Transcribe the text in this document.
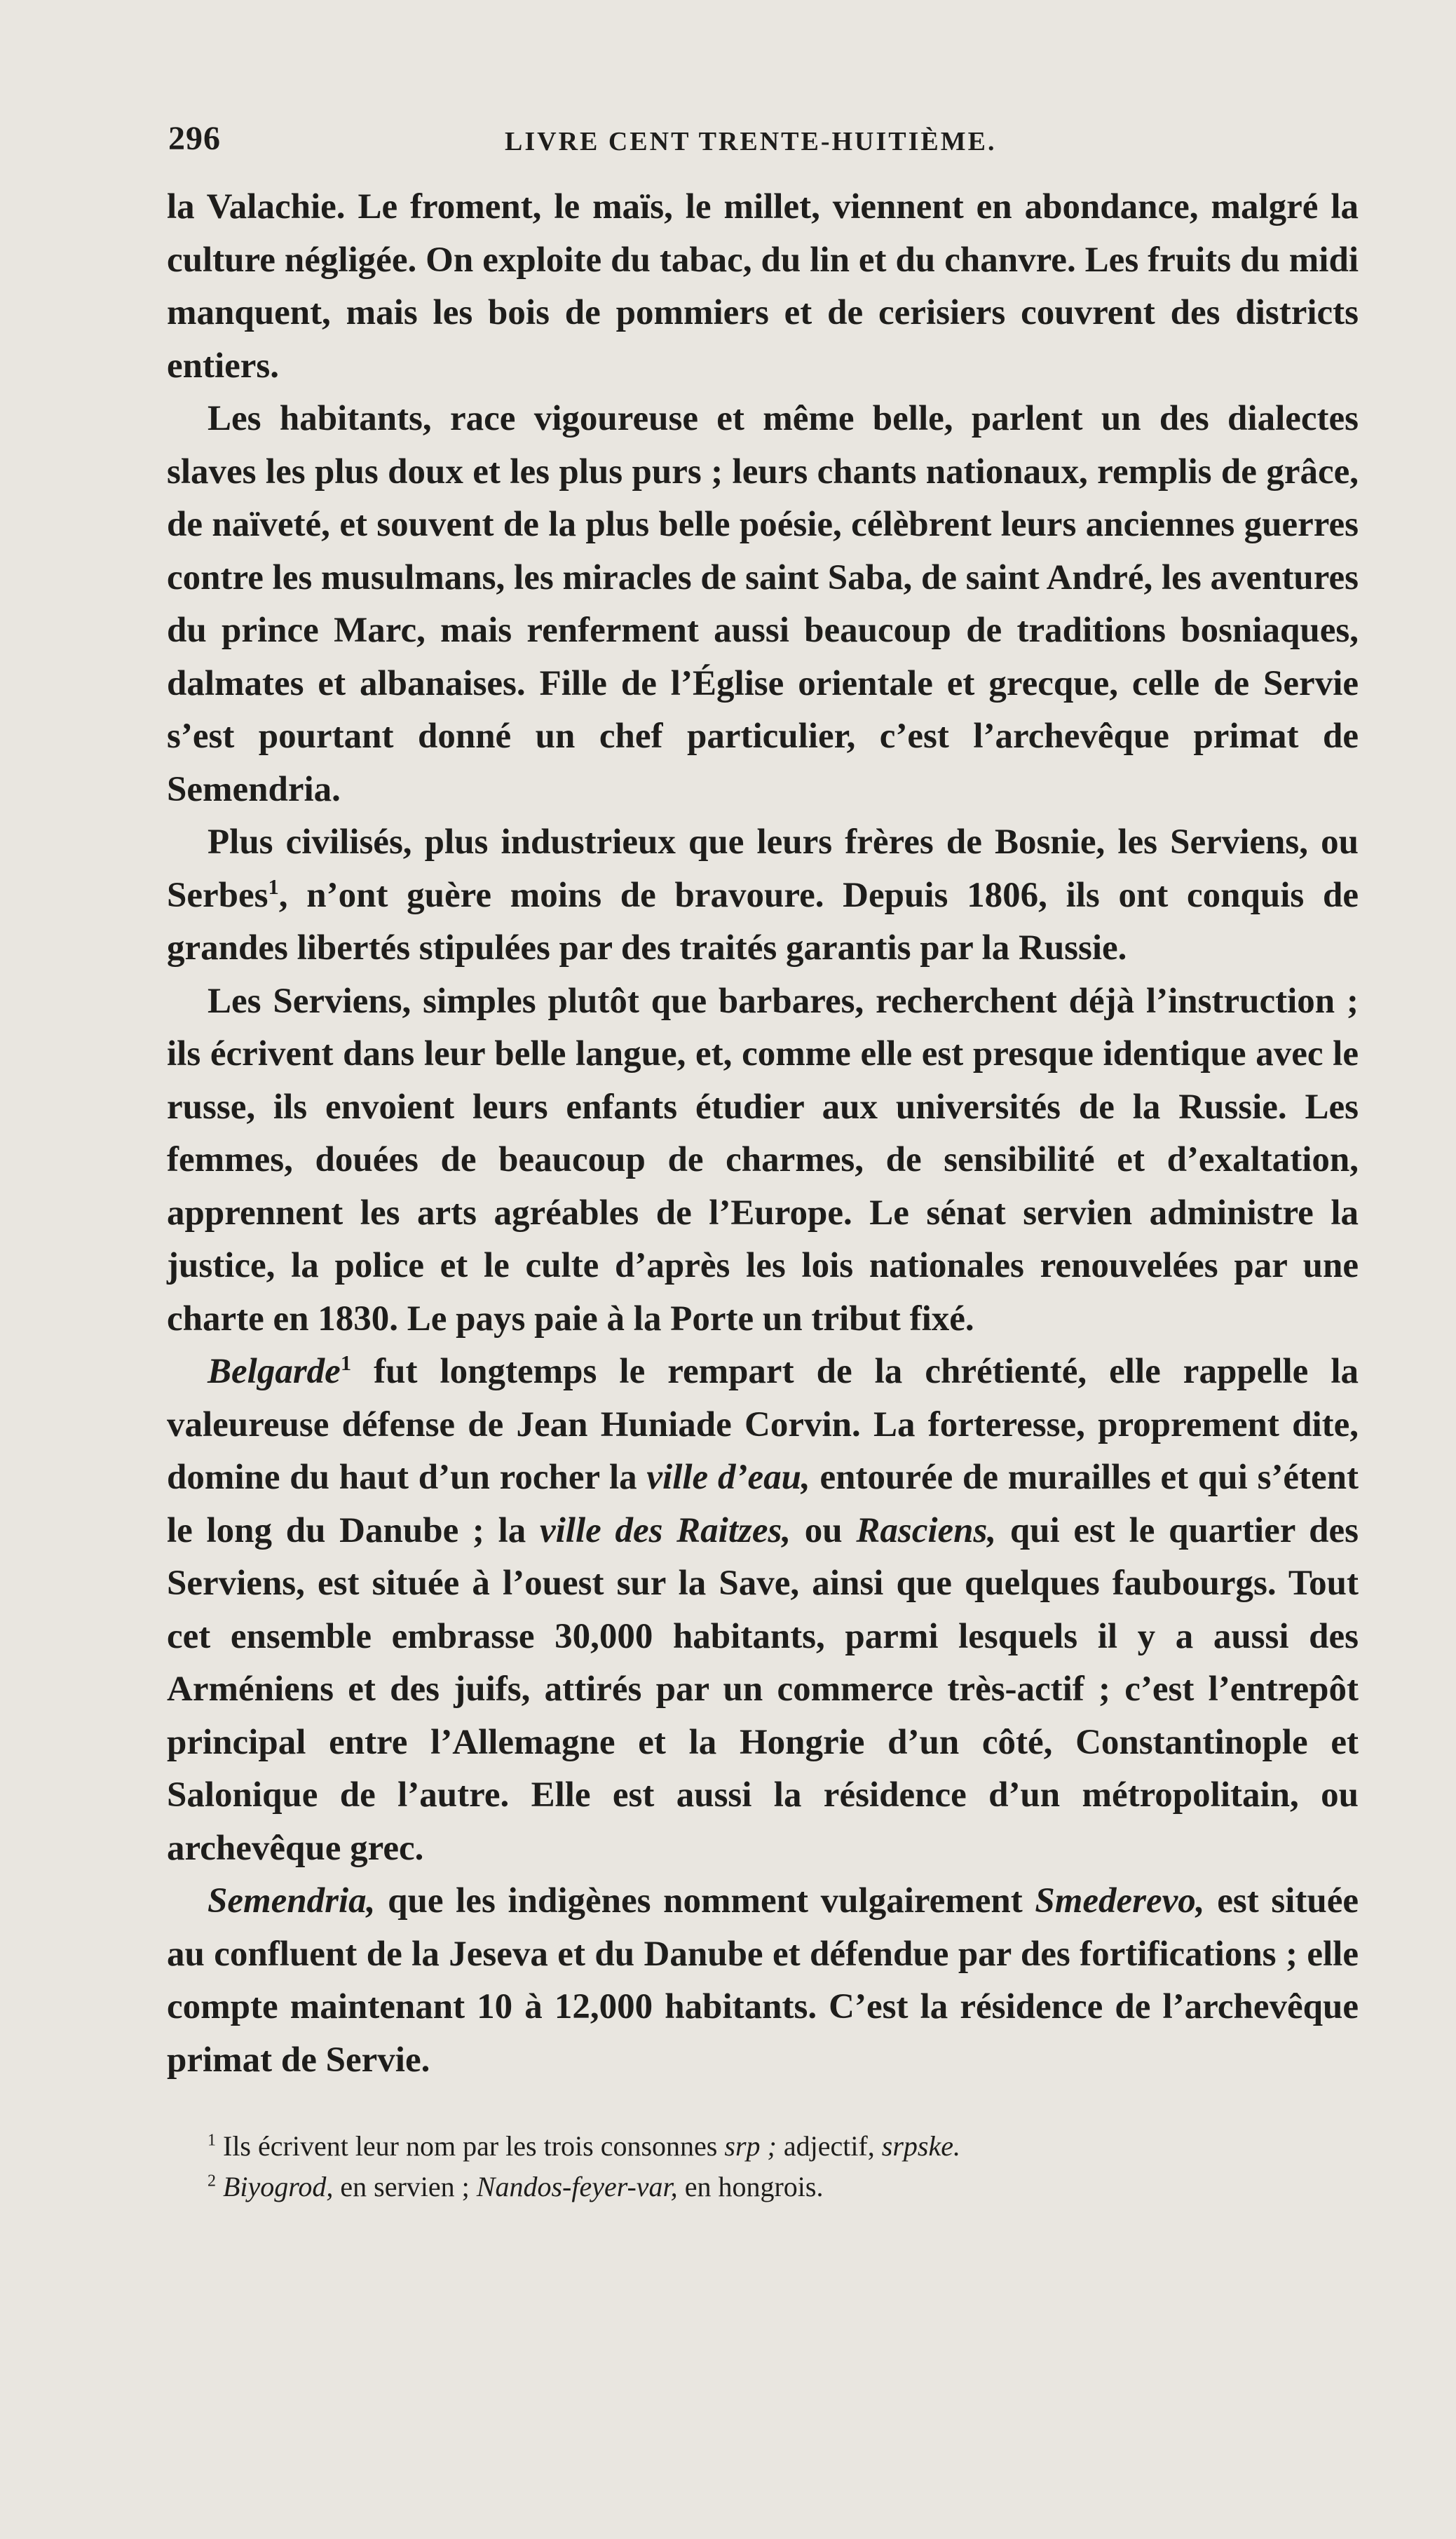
296	LIVRE CENT TRENTE-HUITIÈME.

la Valachie. Le froment, le maïs, le millet, viennent en abondance, malgré la culture négligée. On exploite du tabac, du lin et du chanvre. Les fruits du midi manquent, mais les bois de pommiers et de cerisiers couvrent des districts entiers.

Les habitants, race vigoureuse et même belle, parlent un des dialectes slaves les plus doux et les plus purs ; leurs chants nationaux, remplis de grâce, de naïveté, et souvent de la plus belle poésie, célèbrent leurs anciennes guerres contre les musulmans, les miracles de saint Saba, de saint André, les aventures du prince Marc, mais renferment aussi beaucoup de traditions bosniaques, dalmates et albanaises. Fille de l’Église orientale et grecque, celle de Servie s’est pourtant donné un chef particulier, c’est l’archevêque primat de Semendria.

Plus civilisés, plus industrieux que leurs frères de Bosnie, les Serviens, ou Serbes$^1$, n’ont guère moins de bravoure. Depuis 1806, ils ont conquis de grandes libertés stipulées par des traités garantis par la Russie.

Les Serviens, simples plutôt que barbares, recherchent déjà l’instruction ; ils écrivent dans leur belle langue, et, comme elle est presque identique avec le russe, ils envoient leurs enfants étudier aux universités de la Russie. Les femmes, douées de beaucoup de charmes, de sensibilité et d’exaltation, apprennent les arts agréables de l’Europe. Le sénat servien administre la justice, la police et le culte d’après les lois nationales renouvelées par une charte en 1830. Le pays paie à la Porte un tribut fixé.

Belgarde$^1$ fut longtemps le rempart de la chrétienté, elle rappelle la valeureuse défense de Jean Huniade Corvin. La forteresse, proprement dite, domine du haut d’un rocher la ville d’eau, entourée de murailles et qui s’étent le long du Danube ; la ville des Raitzes, ou Rasciens, qui est le quartier des Serviens, est située à l’ouest sur la Save, ainsi que quelques faubourgs. Tout cet ensemble embrasse 30,000 habitants, parmi lesquels il y a aussi des Arméniens et des juifs, attirés par un commerce très-actif ; c’est l’entrepôt principal entre l’Allemagne et la Hongrie d’un côté, Constantinople et Salonique de l’autre. Elle est aussi la résidence d’un métropolitain, ou archevêque grec.

Semendria, que les indigènes nomment vulgairement Smederevo, est située au confluent de la Jeseva et du Danube et défendue par des fortifications ; elle compte maintenant 10 à 12,000 habitants. C’est la résidence de l’archevêque primat de Servie.

$^1$ Ils écrivent leur nom par les trois consonnes srp ; adjectif, srpske.

$^2$ Biyogrod, en servien ; Nandos-feyer-var, en hongrois.
